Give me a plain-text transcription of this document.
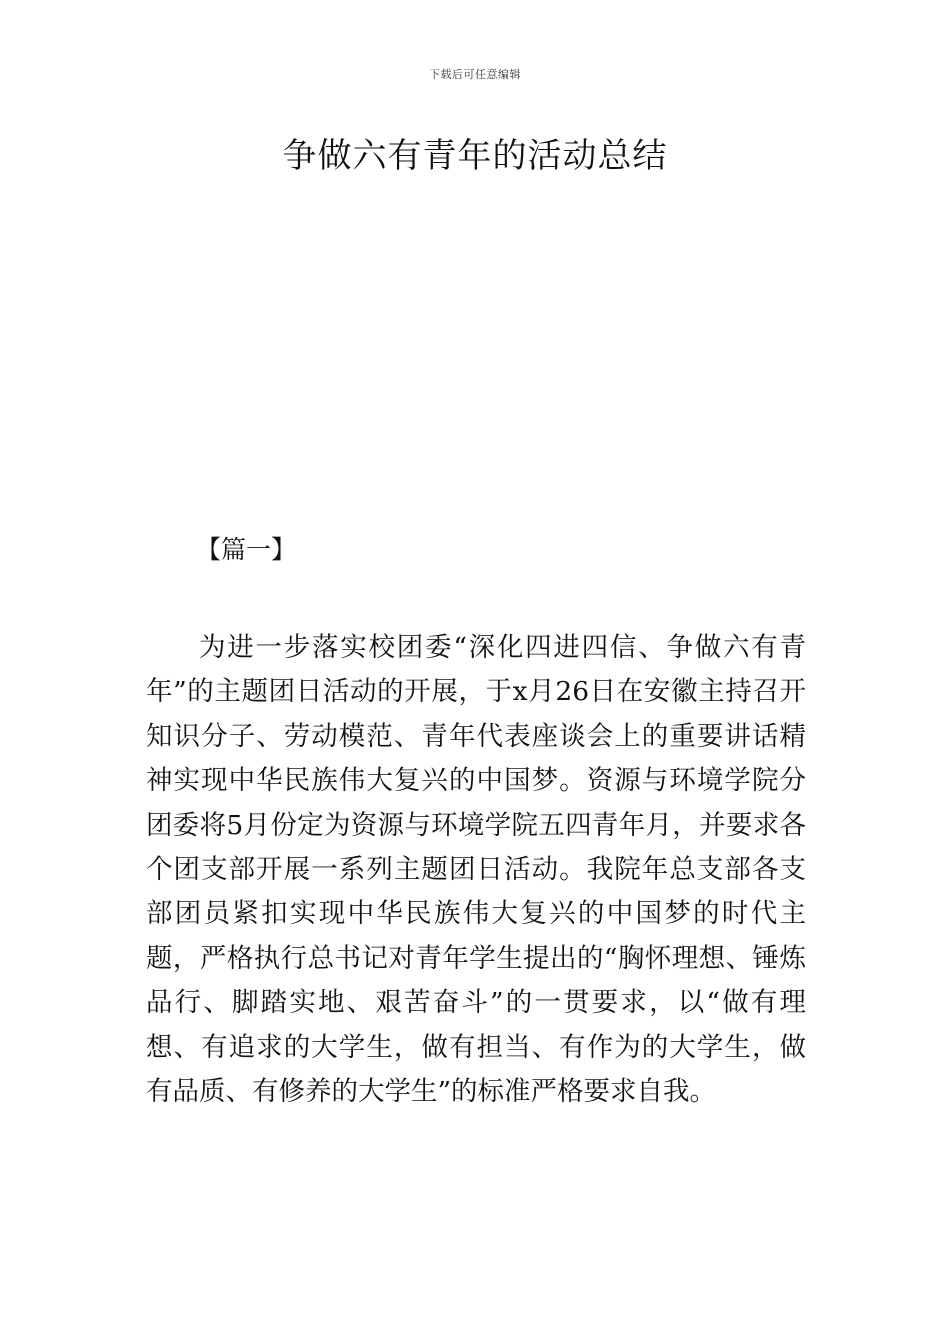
下载后可任意编辑
争做六有青年的活动总结
【篇一】

为进一步落实校团委“深化四进四信、争做六有青年”的主题团日活动的开展，于x月26日在安徽主持召开知识分子、劳动模范、青年代表座谈会上的重要讲话精神实现中华民族伟大复兴的中国梦。资源与环境学院分团委将5月份定为资源与环境学院五四青年月，并要求各个团支部开展一系列主题团日活动。我院年总支部各支部团员紧扣实现中华民族伟大复兴的中国梦的时代主题，严格执行总书记对青年学生提出的“胸怀理想、锤炼品行、脚踏实地、艰苦奋斗”的一贯要求，以“做有理想、有追求的大学生，做有担当、有作为的大学生，做有品质、有修养的大学生”的标准严格要求自我。
